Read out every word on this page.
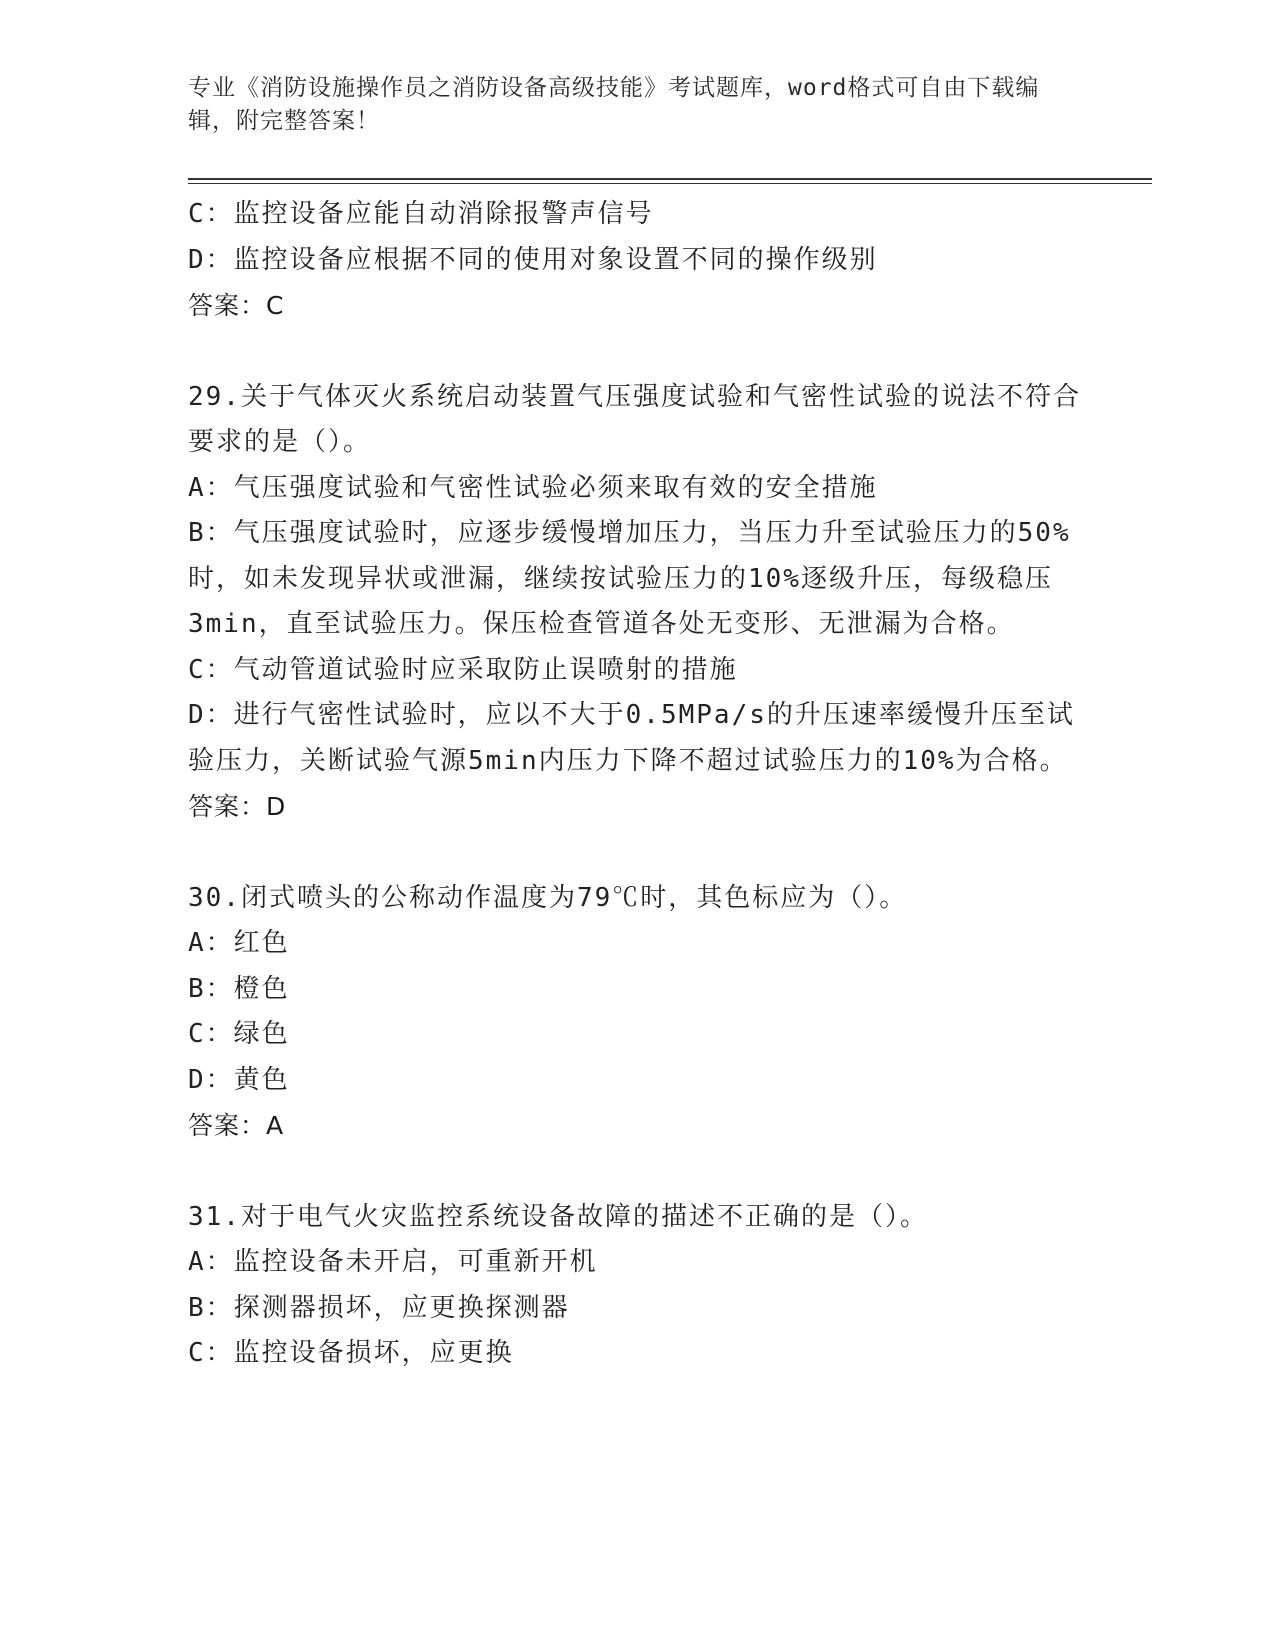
专业《消防设施操作员之消防设备高级技能》考试题库，word格式可自由下载编辑，附完整答案！
C：监控设备应能自动消除报警声信号
D：监控设备应根据不同的使用对象设置不同的操作级别
答案：C
29.关于气体灭火系统启动装置气压强度试验和气密性试验的说法不符合要求的是（）。
A：气压强度试验和气密性试验必须来取有效的安全措施
B：气压强度试验时，应逐步缓慢增加压力，当压力升至试验压力的50%时，如未发现异状或泄漏，继续按试验压力的10%逐级升压，每级稳压3min，直至试验压力。保压检查管道各处无变形、无泄漏为合格。
C：气动管道试验时应采取防止误喷射的措施
D：进行气密性试验时，应以不大于0.5MPa/s的升压速率缓慢升压至试验压力，关断试验气源5min内压力下降不超过试验压力的10%为合格。
答案：D
30.闭式喷头的公称动作温度为79℃时，其色标应为（）。
A：红色
B：橙色
C：绿色
D：黄色
答案：A
31.对于电气火灾监控系统设备故障的描述不正确的是（）。
A：监控设备未开启，可重新开机
B：探测器损坏，应更换探测器
C：监控设备损坏，应更换
